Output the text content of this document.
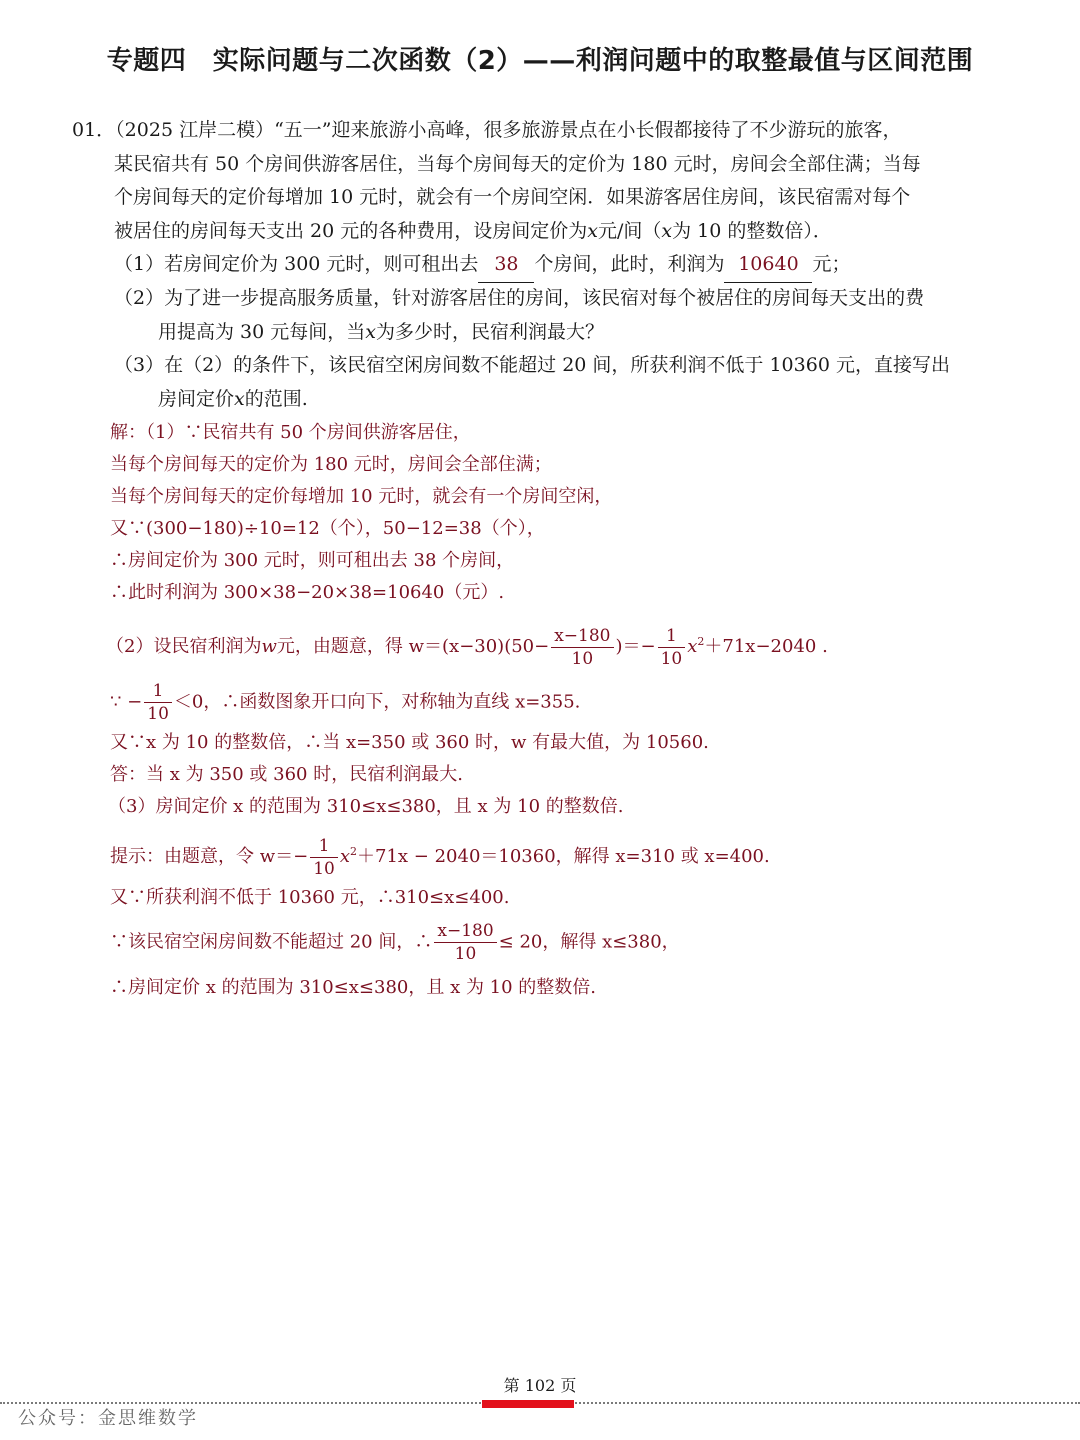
专题四　实际问题与二次函数（2）——利润问题中的取整最值与区间范围
01．（2025 江岸二模）“五一”迎来旅游小高峰，很多旅游景点在小长假都接待了不少游玩的旅客，
某民宿共有 50 个房间供游客居住，当每个房间每天的定价为 180 元时，房间会全部住满；当每
个房间每天的定价每增加 10 元时，就会有一个房间空闲．如果游客居住房间，该民宿需对每个
被居住的房间每天支出 20 元的各种费用，设房间定价为x元/间（x为 10 的整数倍）．
（1）若房间定价为 300 元时，则可租出去 38 个房间，此时，利润为 10640 元；
（2）为了进一步提高服务质量，针对游客居住的房间，该民宿对每个被居住的房间每天支出的费
用提高为 30 元每间，当x为多少时，民宿利润最大？
（3）在（2）的条件下，该民宿空闲房间数不能超过 20 间，所获利润不低于 10360 元，直接写出
房间定价x的范围.
解：（1）∵民宿共有 50 个房间供游客居住，
当每个房间每天的定价为 180 元时，房间会全部住满；
当每个房间每天的定价每增加 10 元时，就会有一个房间空闲，
又∵(300−180)÷10=12（个），50−12=38（个），
∴房间定价为 300 元时，则可租出去 38 个房间，
∴此时利润为 300×38−20×38=10640（元）.
（2）设民宿利润为w元，由题意，得 $w=(x-30)(50- \frac{x-180}{10}$ )＝− $\frac{1}{10} x^2+71x-2040$ .
∵ − $\frac{1}{10} <0$，∴函数图象开口向下，对称轴为直线 x=355.
又∵x 为 10 的整数倍，∴当 x=350 或 360 时，w 有最大值，为 10560.
答：当 x 为 350 或 360 时，民宿利润最大.
（3）房间定价 x 的范围为 310≤x≤380，且 x 为 10 的整数倍.
提示：由题意，令 $w=- \frac{1}{10} x^2+71x - 2040=10360$，解得 x=310 或 x=400.
又∵所获利润不低于 10360 元，∴310≤x≤400.
∵该民宿空闲房间数不能超过 20 间，∴ $\frac{x-180}{10} \le 20$，解得 x≤380，
∴房间定价 x 的范围为 310≤x≤380，且 x 为 10 的整数倍.
第 102 页
公众号：金思维数学
